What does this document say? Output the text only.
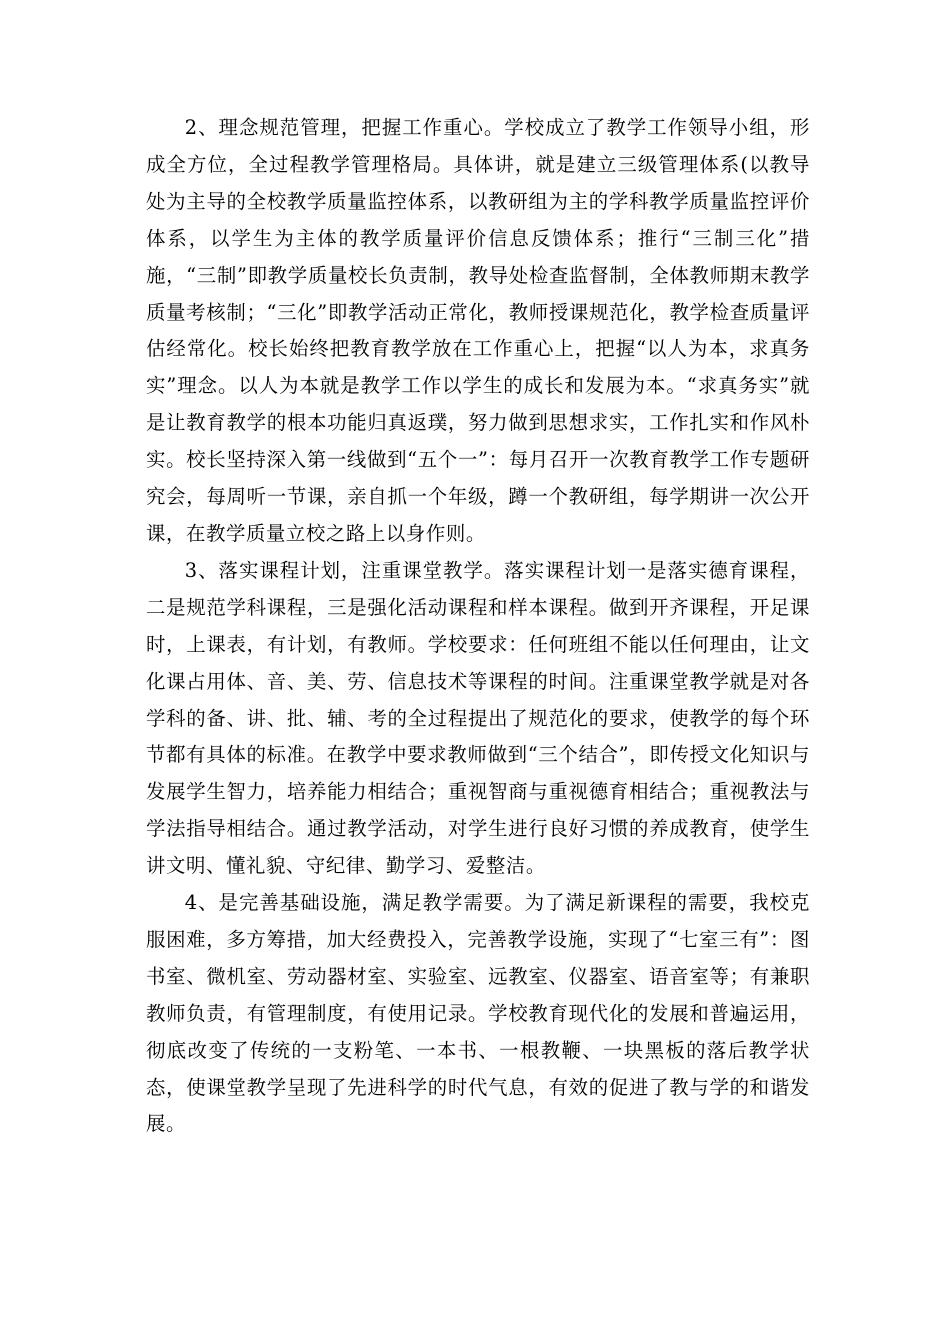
2、理念规范管理，把握工作重心。学校成立了教学工作领导小组，形成全方位，全过程教学管理格局。具体讲，就是建立三级管理体系(以教导处为主导的全校教学质量监控体系，以教研组为主的学科教学质量监控评价体系，以学生为主体的教学质量评价信息反馈体系；推行“三制三化”措施，“三制”即教学质量校长负责制，教导处检查监督制，全体教师期末教学质量考核制；“三化”即教学活动正常化，教师授课规范化，教学检查质量评估经常化。校长始终把教育教学放在工作重心上，把握“以人为本，求真务实”理念。以人为本就是教学工作以学生的成长和发展为本。“求真务实”就是让教育教学的根本功能归真返璞，努力做到思想求实，工作扎实和作风朴实。校长坚持深入第一线做到“五个一”：每月召开一次教育教学工作专题研究会，每周听一节课，亲自抓一个年级，蹲一个教研组，每学期讲一次公开课，在教学质量立校之路上以身作则。

3、落实课程计划，注重课堂教学。落实课程计划一是落实德育课程，二是规范学科课程，三是强化活动课程和样本课程。做到开齐课程，开足课时，上课表，有计划，有教师。学校要求：任何班组不能以任何理由，让文化课占用体、音、美、劳、信息技术等课程的时间。注重课堂教学就是对各学科的备、讲、批、辅、考的全过程提出了规范化的要求，使教学的每个环节都有具体的标准。在教学中要求教师做到“三个结合”，即传授文化知识与发展学生智力，培养能力相结合；重视智商与重视德育相结合；重视教法与学法指导相结合。通过教学活动，对学生进行良好习惯的养成教育，使学生讲文明、懂礼貌、守纪律、勤学习、爱整洁。

4、是完善基础设施，满足教学需要。为了满足新课程的需要，我校克服困难，多方筹措，加大经费投入，完善教学设施，实现了“七室三有”：图书室、微机室、劳动器材室、实验室、远教室、仪器室、语音室等；有兼职教师负责，有管理制度，有使用记录。学校教育现代化的发展和普遍运用，彻底改变了传统的一支粉笔、一本书、一根教鞭、一块黑板的落后教学状态，使课堂教学呈现了先进科学的时代气息，有效的促进了教与学的和谐发展。
